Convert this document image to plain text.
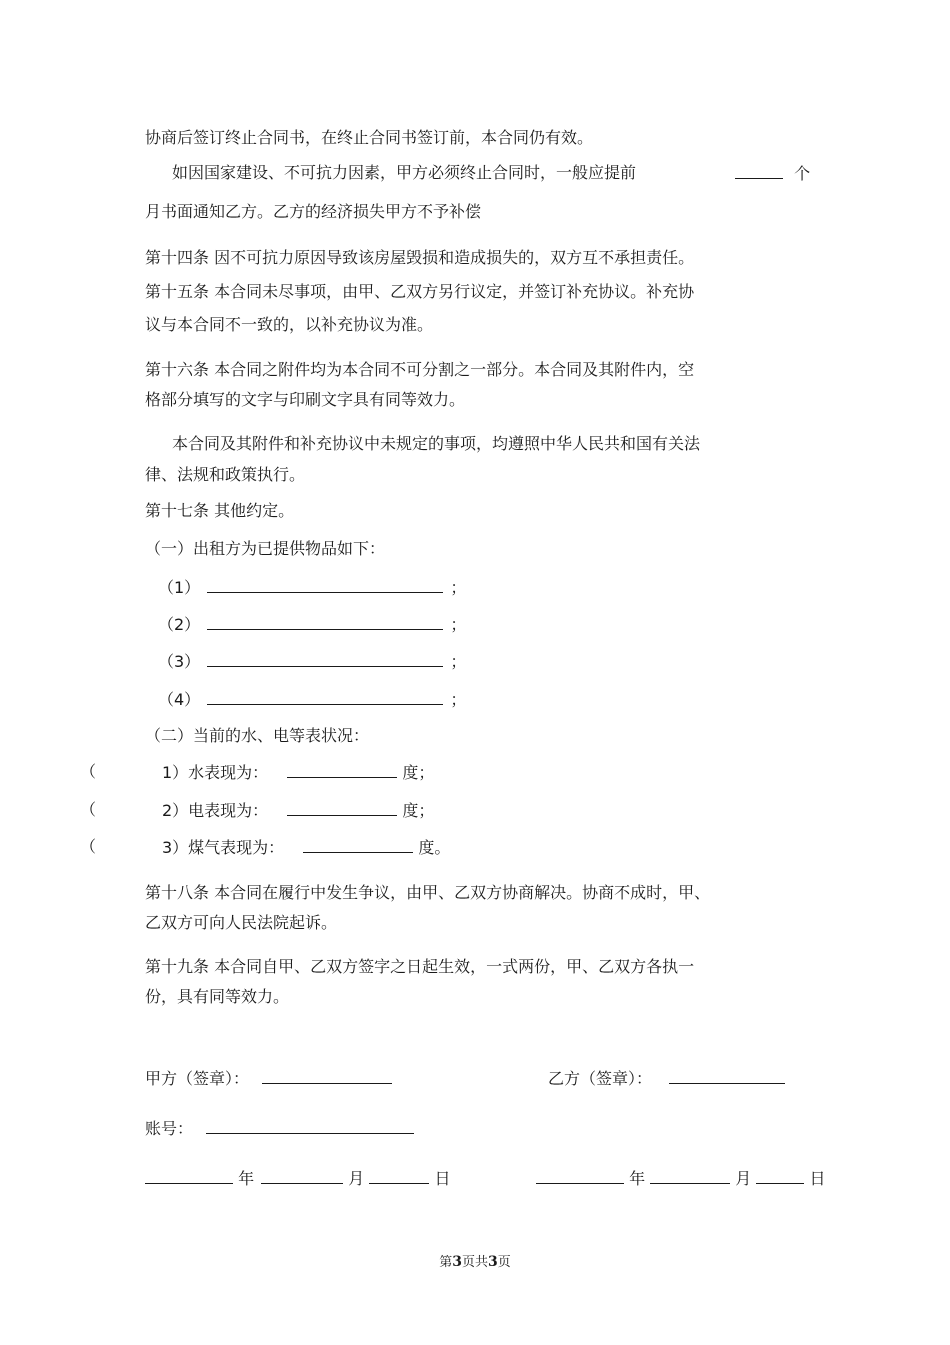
协商后签订终止合同书，在终止合同书签订前，本合同仍有效。
如因国家建设、不可抗力因素，甲方必须终止合同时，一般应提前	个
月书面通知乙方。乙方的经济损失甲方不予补偿
第十四条 因不可抗力原因导致该房屋毁损和造成损失的，双方互不承担责任。
第十五条 本合同未尽事项，由甲、乙双方另行议定，并签订补充协议。补充协
议与本合同不一致的，以补充协议为准。
第十六条 本合同之附件均为本合同不可分割之一部分。本合同及其附件内，空
格部分填写的文字与印刷文字具有同等效力。
本合同及其附件和补充协议中未规定的事项，均遵照中华人民共和国有关法
律、法规和政策执行。
第十七条 其他约定。
（一）出租方为已提供物品如下：
（1）	；
（2）	；
（3）	；
（4）	；
（二）当前的水、电等表状况：
（	1）水表现为：	度；
（	2）电表现为：	度；
（	3）煤气表现为：	度。
第十八条 本合同在履行中发生争议，由甲、乙双方协商解决。协商不成时，甲、
乙双方可向人民法院起诉。
第十九条 本合同自甲、乙双方签字之日起生效，一式两份，甲、乙双方各执一
份，具有同等效力。
甲方（签章）：	乙方（签章）：
账号：
年	月	日	年	月	日
第3页共3页
